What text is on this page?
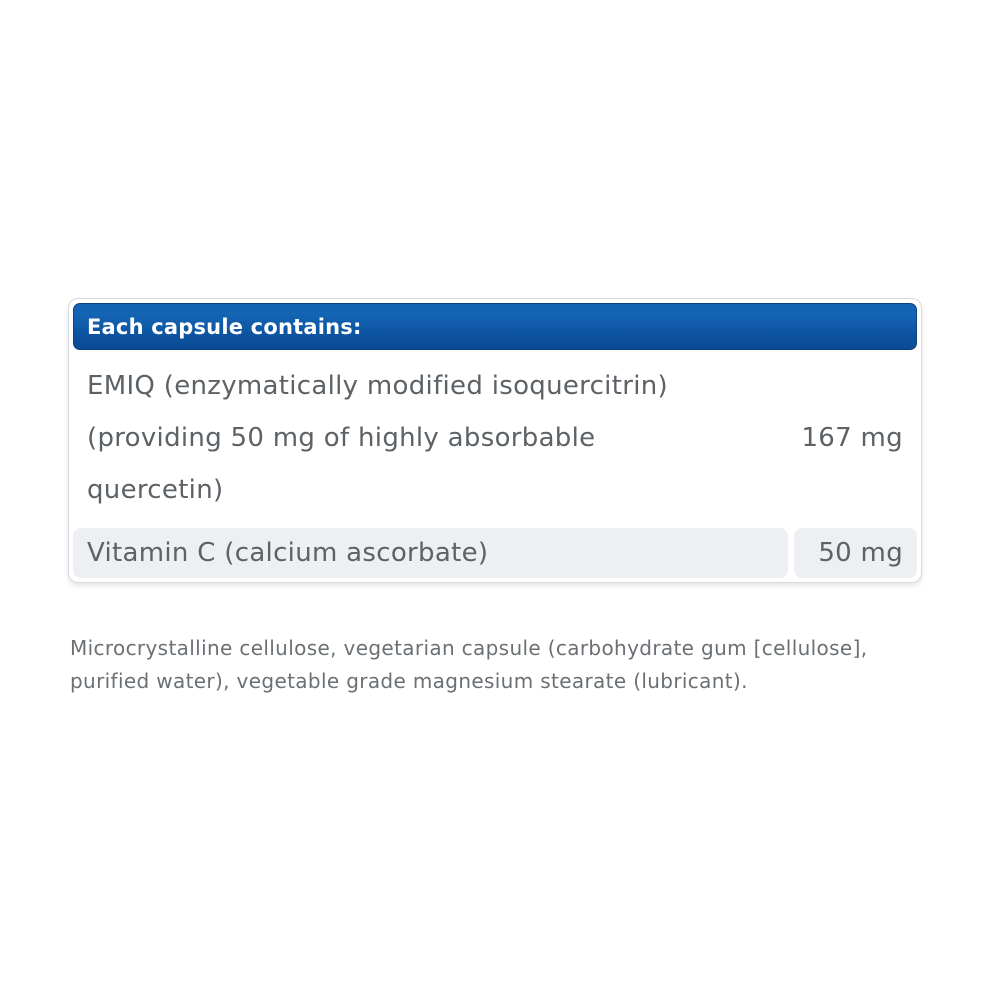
Each capsule contains:
EMIQ (enzymatically modified isoquercitrin)
(providing 50 mg of highly absorbable
quercetin)
167 mg
Vitamin C (calcium ascorbate)	50 mg
Microcrystalline cellulose, vegetarian capsule (carbohydrate gum [cellulose],
purified water), vegetable grade magnesium stearate (lubricant).
